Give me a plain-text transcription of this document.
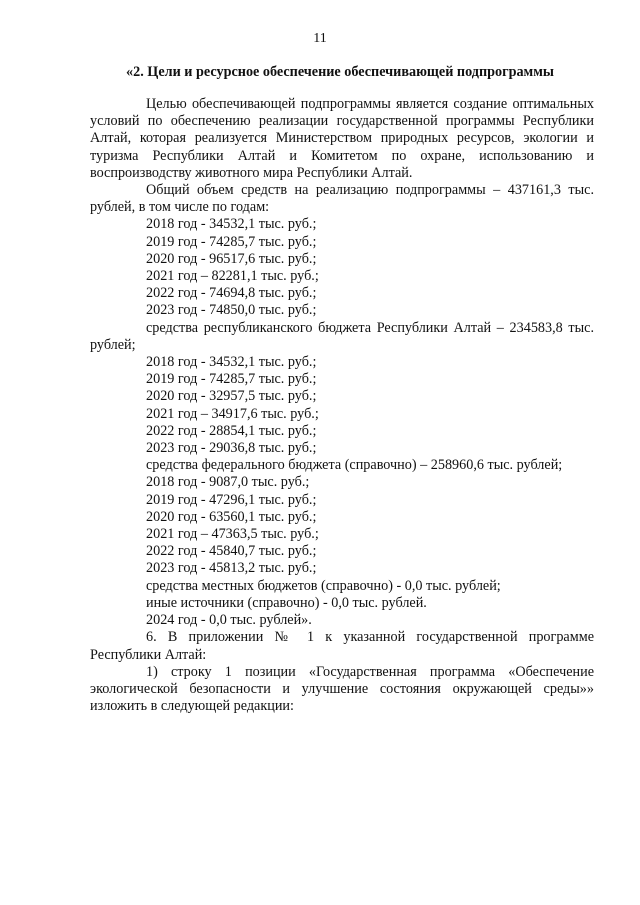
11
«2. Цели и ресурсное обеспечение обеспечивающей подпрограммы

Целью обеспечивающей подпрограммы является создание оптимальных условий по обеспечению реализации государственной программы Республики Алтай, которая реализуется Министерством природных ресурсов, экологии и туризма Республики Алтай и Комитетом по охране, использованию и воспроизводству животного мира Республики Алтай.

Общий объем средств на реализацию подпрограммы – 437161,3 тыс. рублей, в том числе по годам:

2018 год - 34532,1 тыс. руб.;

2019 год - 74285,7 тыс. руб.;

2020 год - 96517,6 тыс. руб.;

2021 год – 82281,1 тыс. руб.;

2022 год - 74694,8 тыс. руб.;

2023 год - 74850,0 тыс. руб.;

средства республиканского бюджета Республики Алтай – 234583,8 тыс. рублей;

2018 год - 34532,1 тыс. руб.;

2019 год - 74285,7 тыс. руб.;

2020 год - 32957,5 тыс. руб.;

2021 год – 34917,6 тыс. руб.;

2022 год - 28854,1 тыс. руб.;

2023 год - 29036,8 тыс. руб.;

средства федерального бюджета (справочно) – 258960,6 тыс. рублей;

2018 год - 9087,0 тыс. руб.;

2019 год - 47296,1 тыс. руб.;

2020 год - 63560,1 тыс. руб.;

2021 год – 47363,5 тыс. руб.;

2022 год - 45840,7 тыс. руб.;

2023 год - 45813,2 тыс. руб.;

средства местных бюджетов (справочно) - 0,0 тыс. рублей;

иные источники (справочно) - 0,0 тыс. рублей.

2024 год - 0,0 тыс. рублей».

6. В приложении № 1 к указанной государственной программе Республики Алтай:

1) строку 1 позиции «Государственная программа «Обеспечение экологической безопасности и улучшение состояния окружающей среды»» изложить в следующей редакции:
